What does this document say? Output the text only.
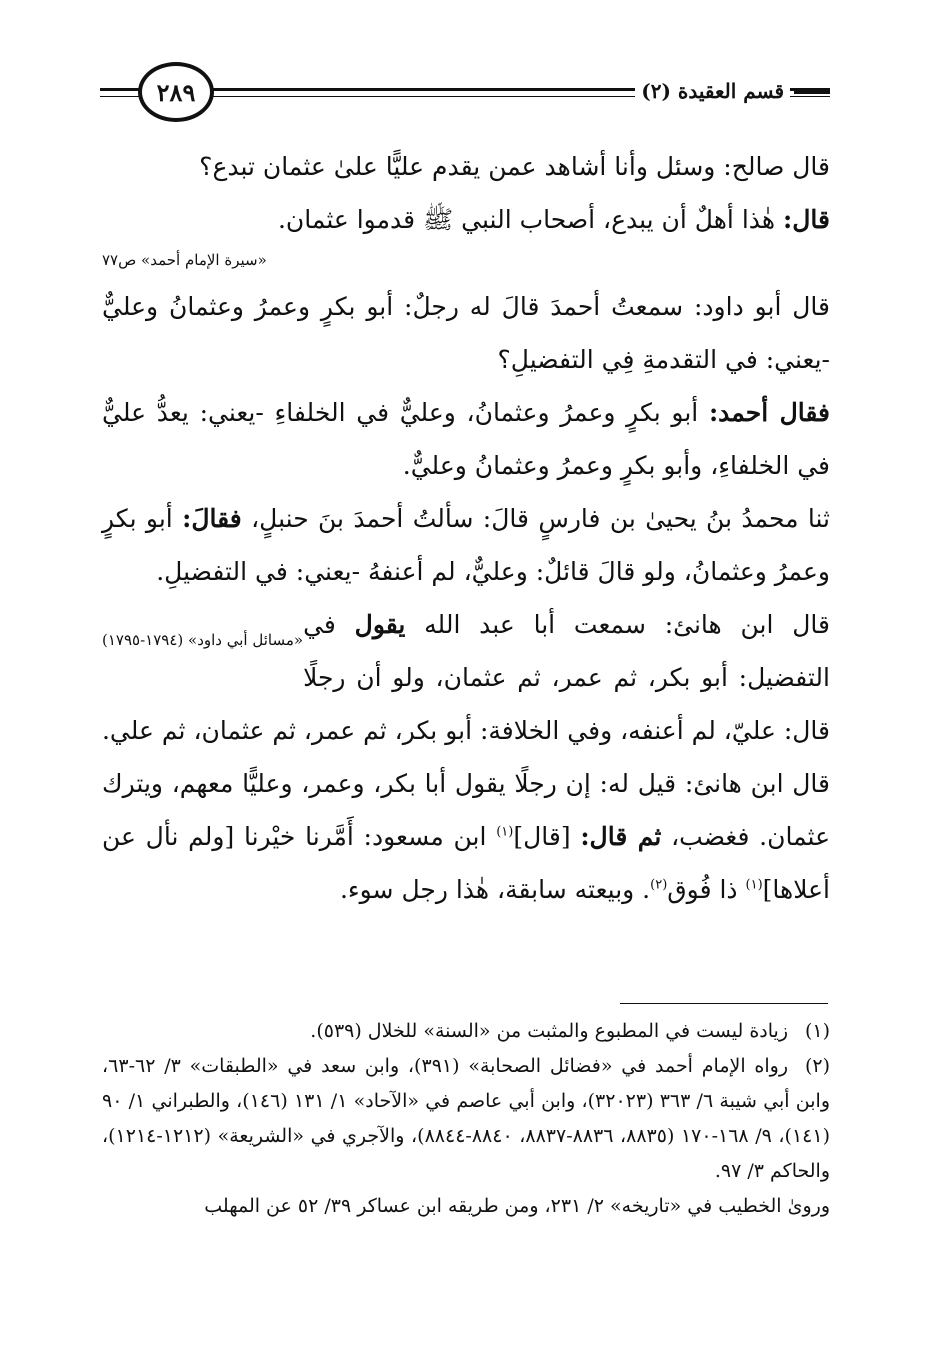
قسم العقيدة (٢)
٢٨٩

قال صالح: وسئل وأنا أشاهد عمن يقدم عليًّا علىٰ عثمان تبدع؟

قال: هٰذا أهلٌ أن يبدع، أصحاب النبي ﷺ قدموا عثمان.

«سيرة الإمام أحمد» ص٧٧

قال أبو داود: سمعتُ أحمدَ قالَ له رجلٌ: أبو بكرٍ وعمرُ وعثمانُ وعليٌّ -يعني: في التقدمةِ فِي التفضيلِ؟

فقال أحمد: أبو بكرٍ وعمرُ وعثمانُ، وعليٌّ في الخلفاءِ -يعني: يعدُّ عليٌّ في الخلفاءِ، وأبو بكرٍ وعمرُ وعثمانُ وعليٌّ.

ثنا محمدُ بنُ يحيىٰ بن فارسٍ قالَ: سألتُ أحمدَ بنَ حنبلٍ، فقالَ: أبو بكرٍ وعمرُ وعثمانُ، ولو قالَ قائلٌ: وعليٌّ، لم أعنفهُ -يعني: في التفضيلِ.
«مسائل أبي داود» (١٧٩٤-١٧٩٥)

قال ابن هانئ: سمعت أبا عبد الله يقول في التفضيل: أبو بكر، ثم عمر، ثم عثمان، ولو أن رجلًا قال: عليّ، لم أعنفه، وفي الخلافة: أبو بكر، ثم عمر، ثم عثمان، ثم علي.

قال ابن هانئ: قيل له: إن رجلًا يقول أبا بكر، وعمر، وعليًّا معهم، ويترك عثمان. فغضب، ثم قال: [قال]$^{(١)}$ ابن مسعود: أَمَّرنا خيْرنا [ولم نأل عن أعلاها]$^{(١)}$ ذا فُوق$^{(٢)}$. وبيعته سابقة، هٰذا رجل سوء.

(١)زيادة ليست في المطبوع والمثبت من «السنة» للخلال (٥٣٩).

(٢)رواه الإمام أحمد في «فضائل الصحابة» (٣٩١)، وابن سعد في «الطبقات» ٣/ ٦٢-٦٣، وابن أبي شيبة ٦/ ٣٦٣ (٣٢٠٢٣)، وابن أبي عاصم في «الآحاد» ١/ ١٣١ (١٤٦)، والطبراني ١/ ٩٠ (١٤١)، ٩/ ١٦٨-١٧٠ (٨٨٣٥، ٨٨٣٦-٨٨٣٧، ٨٨٤٠-٨٨٤٤)، والآجري في «الشريعة» (١٢١٢-١٢١٤)، والحاكم ٣/ ٩٧.

وروىٰ الخطيب في «تاريخه» ٢/ ٢٣١، ومن طريقه ابن عساكر ٣٩/ ٥٢ عن المهلب
